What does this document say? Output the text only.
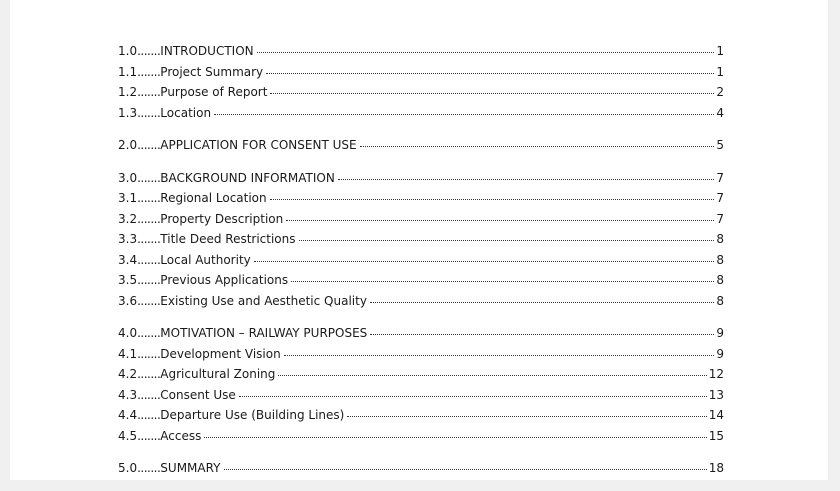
1.0 ....... INTRODUCTION	1
1.1 ....... Project Summary	1
1.2 ....... Purpose of Report	2
1.3 ....... Location	4
2.0 ....... APPLICATION FOR CONSENT USE	5
3.0 ....... BACKGROUND INFORMATION	7
3.1 ....... Regional Location	7
3.2 ....... Property Description	7
3.3 ....... Title Deed Restrictions	8
3.4 ....... Local Authority	8
3.5 ....... Previous Applications	8
3.6 ....... Existing Use and Aesthetic Quality	8
4.0 ....... MOTIVATION – RAILWAY PURPOSES	9
4.1 ....... Development Vision	9
4.2 ....... Agricultural Zoning	12
4.3 ....... Consent Use	13
4.4 ....... Departure Use (Building Lines)	14
4.5 ....... Access	15
5.0 ....... SUMMARY	18
